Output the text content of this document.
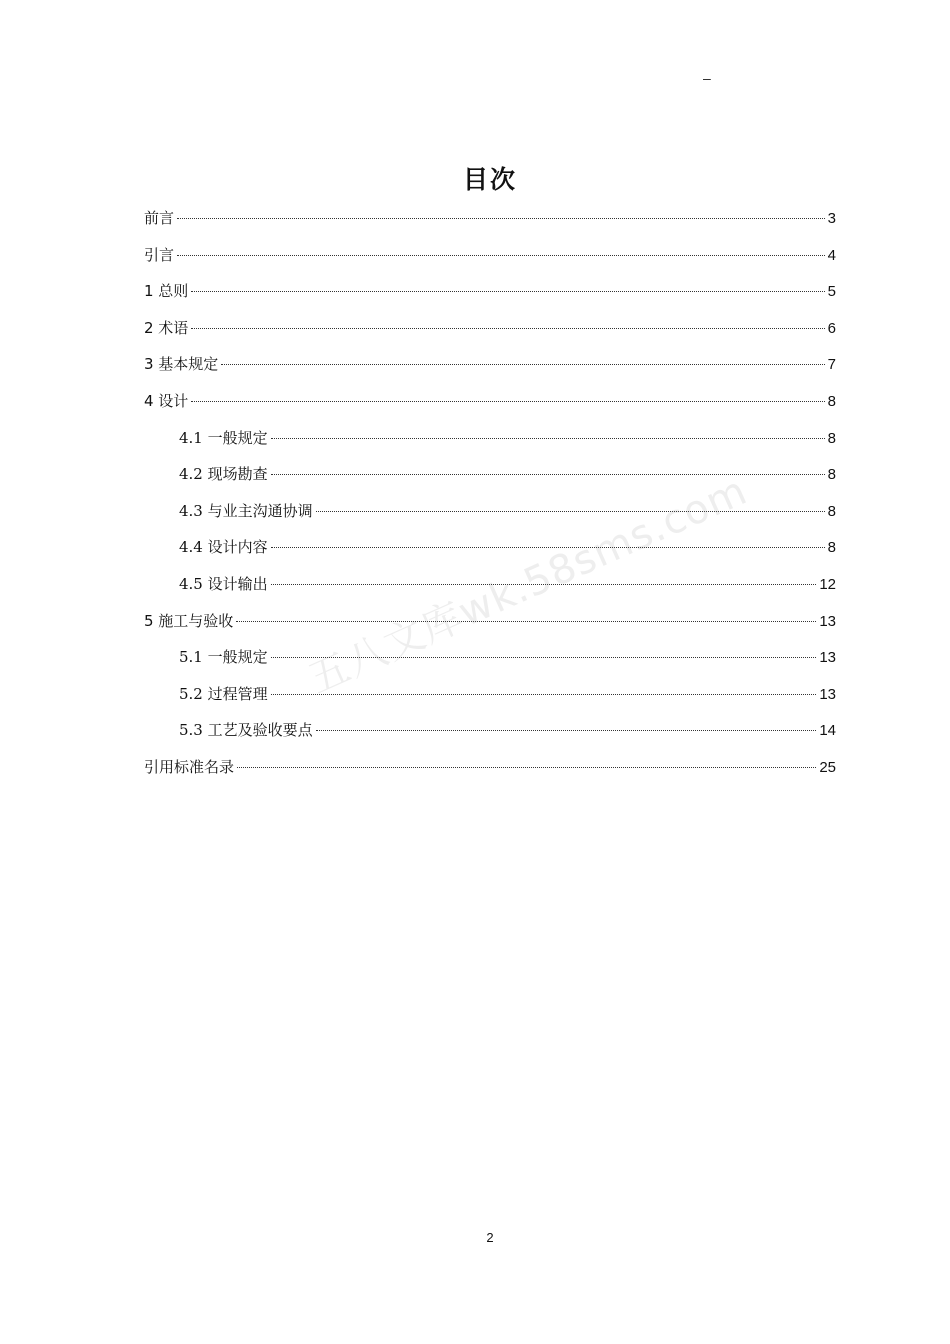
–
目次
前言	3
引言	4
1 总则	5
2 术语	6
3 基本规定	7
4 设计	8
4.1 一般规定	8
4.2 现场勘查	8
4.3 与业主沟通协调	8
4.4 设计内容	8
4.5 设计输出	12
5 施工与验收	13
5.1 一般规定	13
5.2 过程管理	13
5.3 工艺及验收要点	14
引用标准名录	25
五八文库wk.58sms.com
2
